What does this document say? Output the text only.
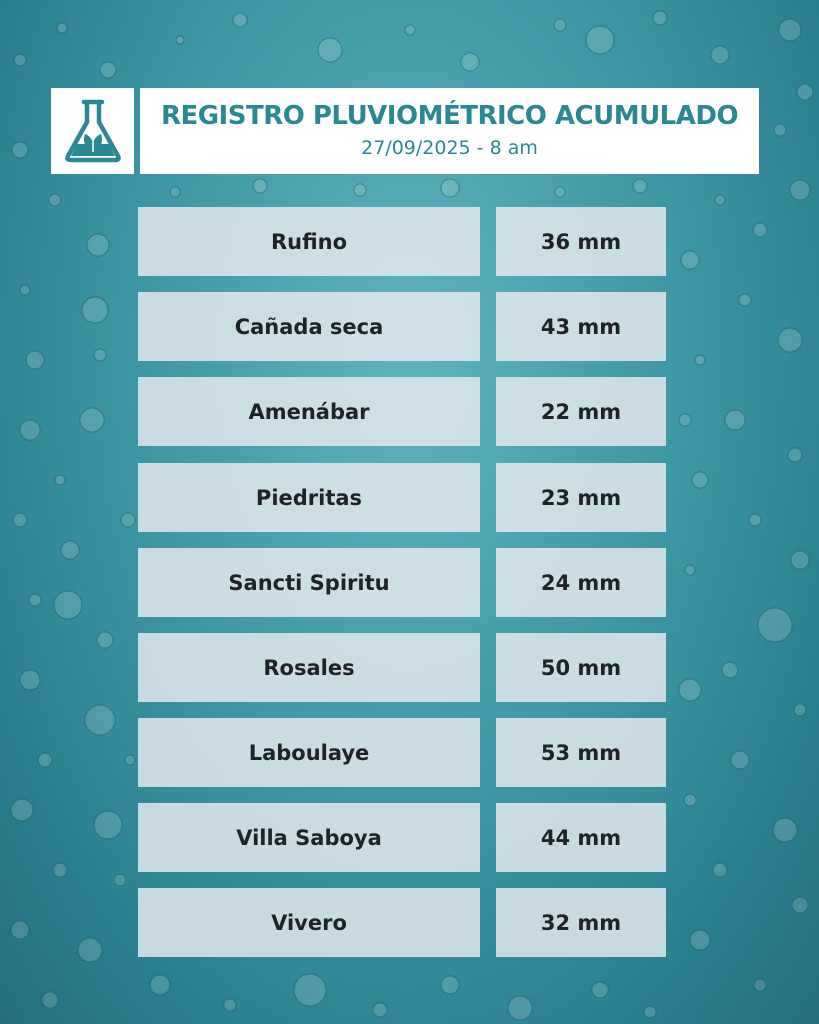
REGISTRO PLUVIOMÉTRICO ACUMULADO
27/09/2025 - 8 am
Rufino	36 mm
Cañada seca	43 mm
Amenábar	22 mm
Piedritas	23 mm
Sancti Spiritu	24 mm
Rosales	50 mm
Laboulaye	53 mm
Villa Saboya	44 mm
Vivero	32 mm
